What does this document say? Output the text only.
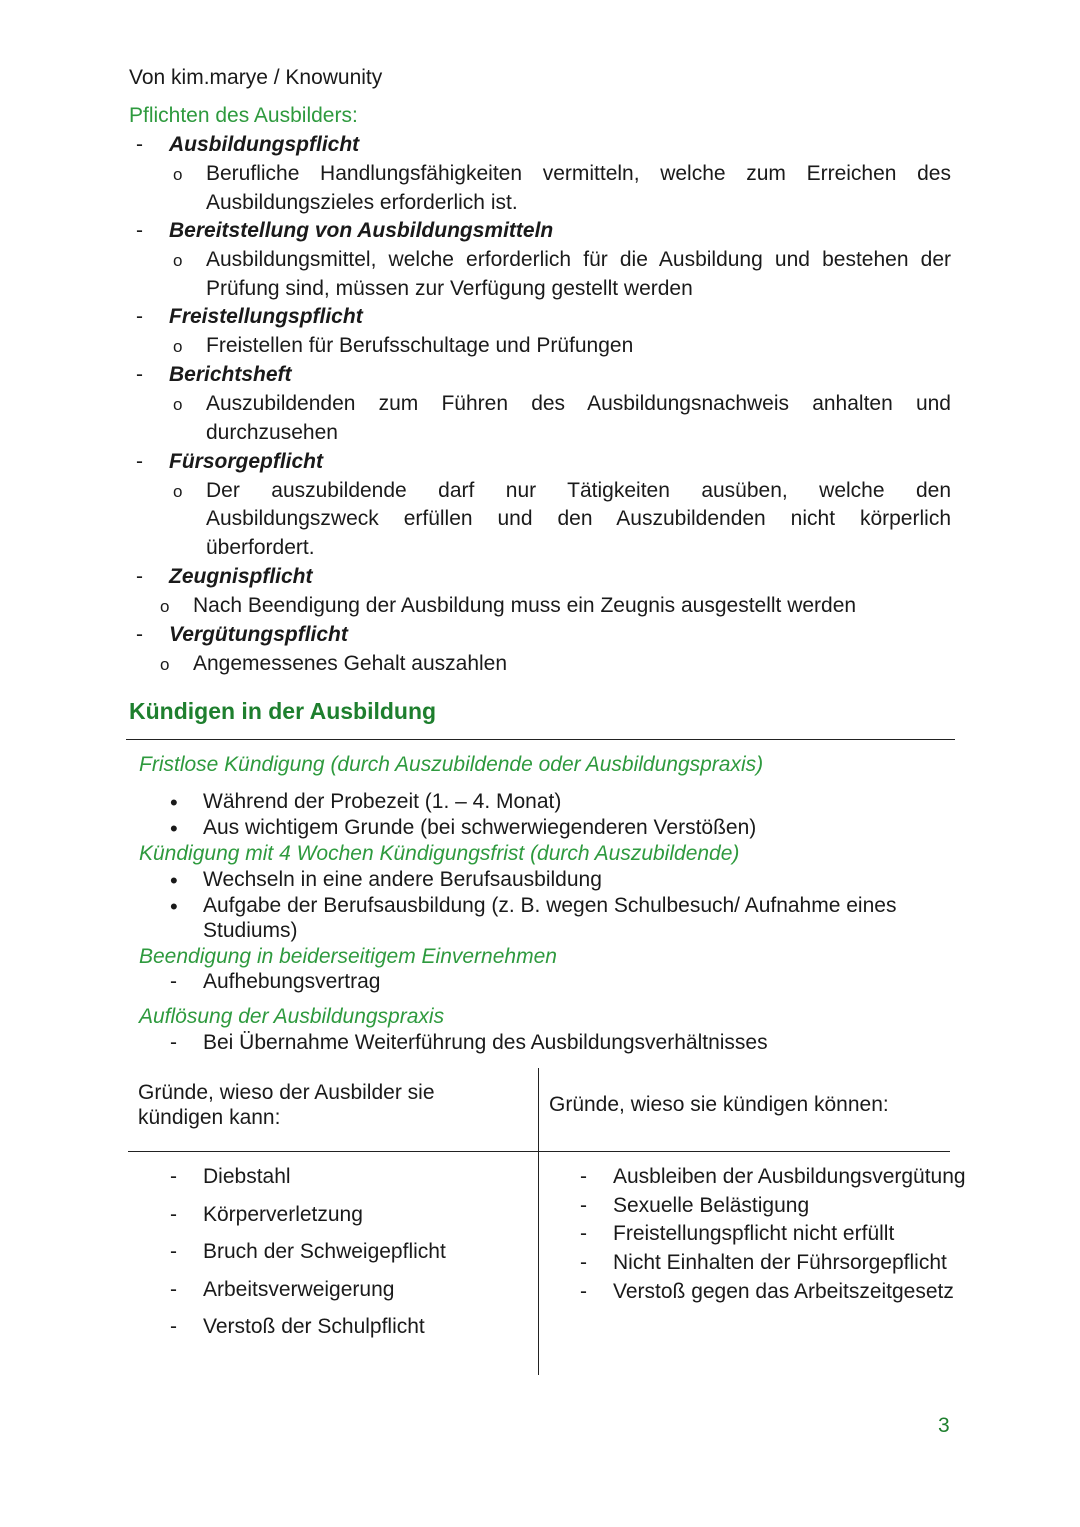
Von kim.marye / Knowunity
Pflichten des Ausbilders:
- Ausbildungspflicht
o Berufliche Handlungsfähigkeiten vermitteln, welche zum Erreichen des
Ausbildungszieles erforderlich ist.
- Bereitstellung von Ausbildungsmitteln
o Ausbildungsmittel, welche erforderlich für die Ausbildung und bestehen der
Prüfung sind, müssen zur Verfügung gestellt werden
- Freistellungspflicht
o Freistellen für Berufsschultage und Prüfungen
- Berichtsheft
o Auszubildenden zum Führen des Ausbildungsnachweis anhalten und
durchzusehen
- Fürsorgepflicht
o Der auszubildende darf nur Tätigkeiten ausüben, welche den
Ausbildungszweck erfüllen und den Auszubildenden nicht körperlich
überfordert.
- Zeugnispflicht
o Nach Beendigung der Ausbildung muss ein Zeugnis ausgestellt werden
- Vergütungspflicht
o Angemessenes Gehalt auszahlen
Kündigen in der Ausbildung
Fristlose Kündigung (durch Auszubildende oder Ausbildungspraxis)
• Während der Probezeit (1. – 4. Monat)
• Aus wichtigem Grunde (bei schwerwiegenderen Verstößen)
Kündigung mit 4 Wochen Kündigungsfrist (durch Auszubildende)
• Wechseln in eine andere Berufsausbildung
• Aufgabe der Berufsausbildung (z. B. wegen Schulbesuch/ Aufnahme eines
Studiums)
Beendigung in beiderseitigem Einvernehmen
- Aufhebungsvertrag
Auflösung der Ausbildungspraxis
- Bei Übernahme Weiterführung des Ausbildungsverhältnisses
Gründe, wieso der Ausbilder sie
kündigen kann:
Gründe, wieso sie kündigen können:
- Diebstahl
- Körperverletzung
- Bruch der Schweigepflicht
- Arbeitsverweigerung
- Verstoß der Schulpflicht
- Ausbleiben der Ausbildungsvergütung
- Sexuelle Belästigung
- Freistellungspflicht nicht erfüllt
- Nicht Einhalten der Führsorgepflicht
- Verstoß gegen das Arbeitszeitgesetz
3
